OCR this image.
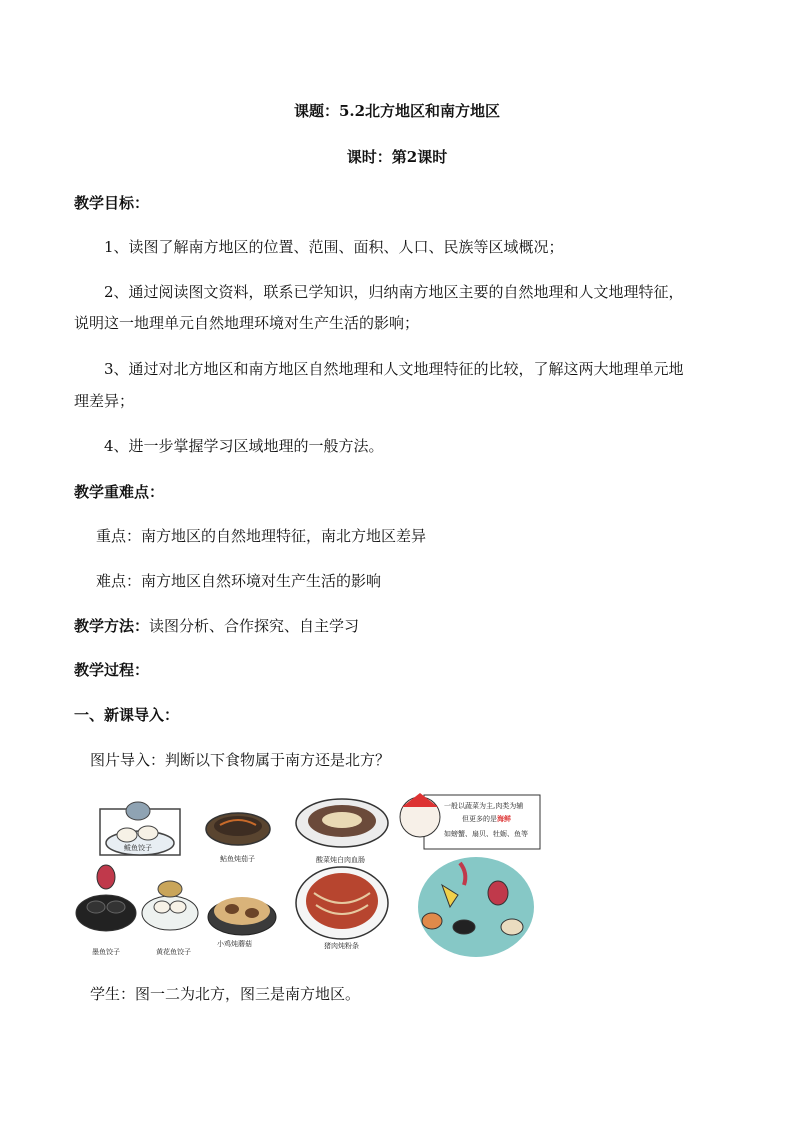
课题：5.2北方地区和南方地区
课时：第2课时
教学目标：
1、读图了解南方地区的位置、范围、面积、人口、民族等区域概况；
2、通过阅读图文资料，联系已学知识，归纳南方地区主要的自然地理和人文地理特征，
说明这一地理单元自然地理环境对生产生活的影响；
3、通过对北方地区和南方地区自然地理和人文地理特征的比较，了解这两大地理单元地
理差异；
4、进一步掌握学习区域地理的一般方法。
教学重难点：
重点：南方地区的自然地理特征，南北方地区差异
难点：南方地区自然环境对生产生活的影响
教学方法：读图分析、合作探究、自主学习
教学过程：
一、新课导入：
图片导入：判断以下食物属于南方还是北方？
鲅鱼饺子
鲇鱼炖茄子	酸菜炖白肉血肠
墨鱼饺子	黄花鱼饺子
小鸡炖蘑菇	猪肉炖粉条
一般以蔬菜为主,肉类为辅
但更多的是海鲜
如螃蟹、扇贝、牡蛎、鱼等
学生：图一二为北方，图三是南方地区。
